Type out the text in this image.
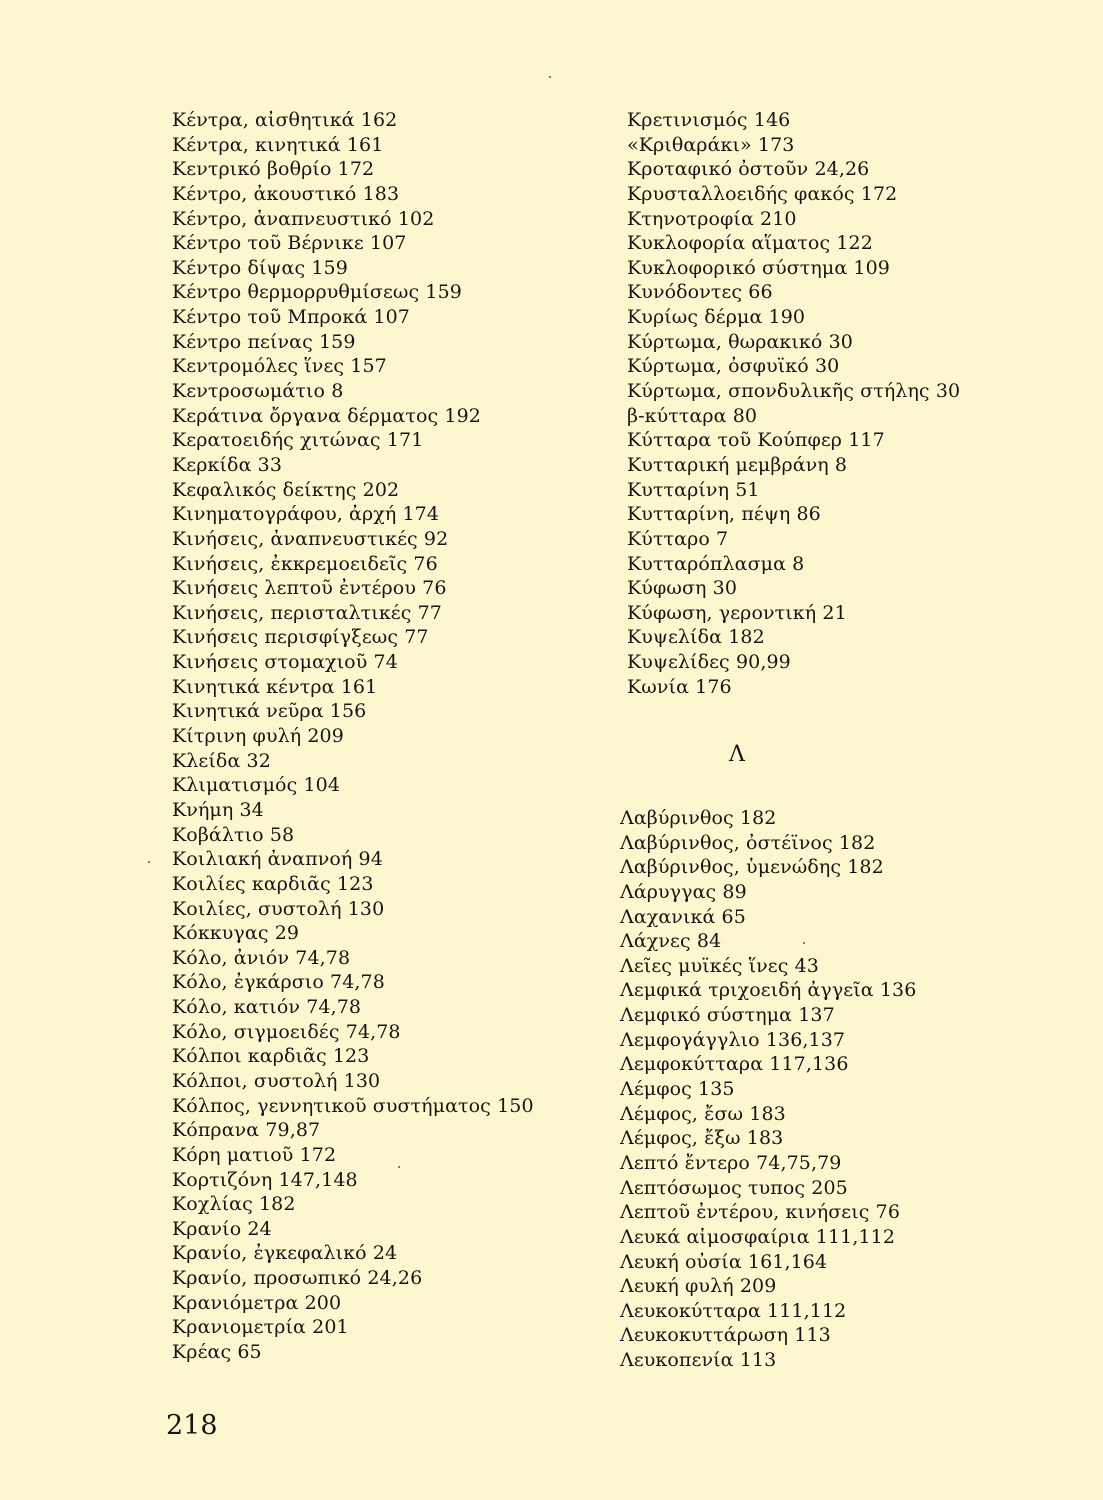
Κέντρα, αἰσθητικά 162
Κέντρα, κινητικά 161
Κεντρικό βοθρίο 172
Κέντρο, ἀκουστικό 183
Κέντρο, ἀναπνευστικό 102
Κέντρο τοῦ Βέρνικε 107
Κέντρο δίψας 159
Κέντρο θερμορρυθμίσεως 159
Κέντρο τοῦ Μπροκά 107
Κέντρο πείνας 159
Κεντρομόλες ἵνες 157
Κεντροσωμάτιο 8
Κεράτινα ὄργανα δέρματος 192
Κερατοειδής χιτώνας 171
Κερκίδα 33
Κεφαλικός δείκτης 202
Κινηματογράφου, ἀρχή 174
Κινήσεις, ἀναπνευστικές 92
Κινήσεις, ἐκκρεμοειδεῖς 76
Κινήσεις λεπτοῦ ἐντέρου 76
Κινήσεις, περισταλτικές 77
Κινήσεις περισφίγξεως 77
Κινήσεις στομαχιοῦ 74
Κινητικά κέντρα 161
Κινητικά νεῦρα 156
Κίτρινη φυλή 209
Κλείδα 32
Κλιματισμός 104
Κνήμη 34
Κοβάλτιο 58
Κοιλιακή ἀναπνοή 94
Κοιλίες καρδιᾶς 123
Κοιλίες, συστολή 130
Κόκκυγας 29
Κόλο, ἀνιόν 74,78
Κόλο, ἐγκάρσιο 74,78
Κόλο, κατιόν 74,78
Κόλο, σιγμοειδές 74,78
Κόλποι καρδιᾶς 123
Κόλποι, συστολή 130
Κόλπος, γεννητικοῦ συστήματος 150
Κόπρανα 79,87
Κόρη ματιοῦ 172
Κορτιζόνη 147,148
Κοχλίας 182
Κρανίο 24
Κρανίο, ἐγκεφαλικό 24
Κρανίο, προσωπικό 24,26
Κρανιόμετρα 200
Κρανιομετρία 201
Κρέας 65
Κρετινισμός 146
«Κριθαράκι» 173
Κροταφικό ὀστοῦν 24,26
Κρυσταλλοειδής φακός 172
Κτηνοτροφία 210
Κυκλοφορία αἵματος 122
Κυκλοφορικό σύστημα 109
Κυνόδοντες 66
Κυρίως δέρμα 190
Κύρτωμα, θωρακικό 30
Κύρτωμα, ὀσφυϊκό 30
Κύρτωμα, σπονδυλικῆς στήλης 30
β-κύτταρα 80
Κύτταρα τοῦ Κούπφερ 117
Κυτταρική μεμβράνη 8
Κυτταρίνη 51
Κυτταρίνη, πέψη 86
Κύτταρο 7
Κυτταρόπλασμα 8
Κύφωση 30
Κύφωση, γεροντική 21
Κυψελίδα 182
Κυψελίδες 90,99
Κωνία 176
Λ
Λαβύρινθος 182
Λαβύρινθος, ὀστέϊνος 182
Λαβύρινθος, ὑμενώδης 182
Λάρυγγας 89
Λαχανικά 65
Λάχνες 84
Λεῖες μυϊκές ἵνες 43
Λεμφικά τριχοειδή ἀγγεῖα 136
Λεμφικό σύστημα 137
Λεμφογάγγλιο 136,137
Λεμφοκύτταρα 117,136
Λέμφος 135
Λέμφος, ἔσω 183
Λέμφος, ἔξω 183
Λεπτό ἔντερο 74,75,79
Λεπτόσωμος τυπος 205
Λεπτοῦ ἐντέρου, κινήσεις 76
Λευκά αἱμοσφαίρια 111,112
Λευκή οὐσία 161,164
Λευκή φυλή 209
Λευκοκύτταρα 111,112
Λευκοκυττάρωση 113
Λευκοπενία 113

218
